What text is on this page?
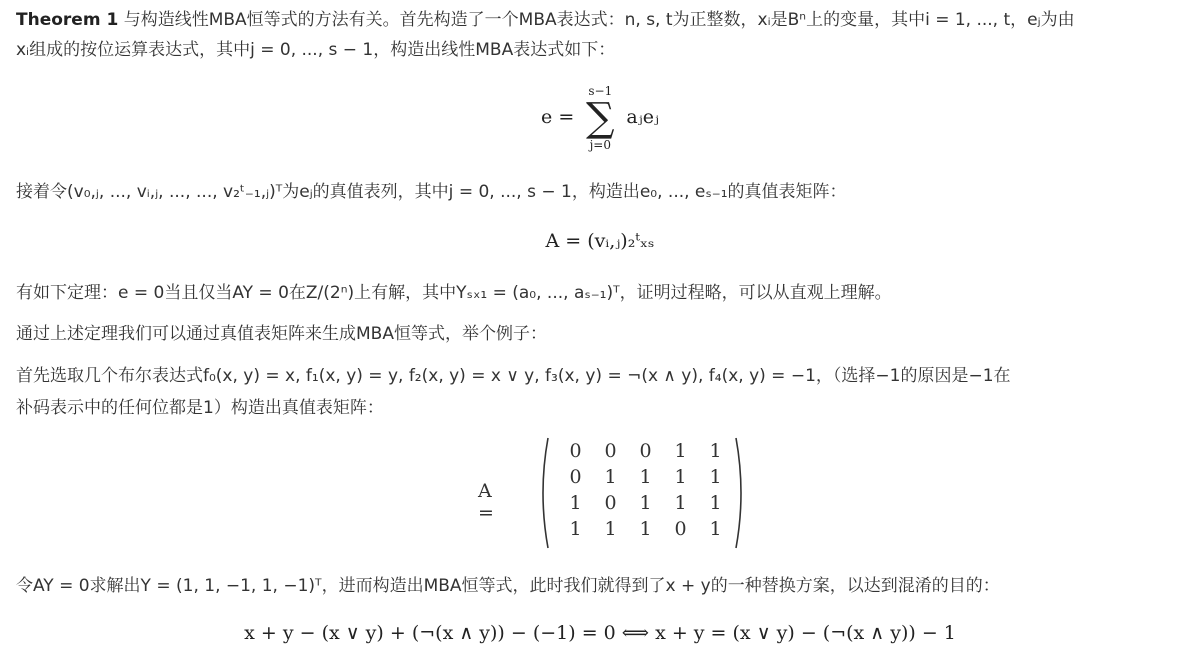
Theorem 1 与构造线性MBA恒等式的方法有关。首先构造了一个MBA表达式：n, s, t为正整数，xᵢ是Bⁿ上的变量，其中i = 1, ..., t，eⱼ为由
xᵢ组成的按位运算表达式，其中j = 0, ..., s − 1，构造出线性MBA表达式如下：
e =
s−1
∑
j=0
aⱼeⱼ
接着令(v₀,ⱼ, ..., vᵢ,ⱼ, ..., ..., v₂ᵗ₋₁,ⱼ)ᵀ为eⱼ的真值表列，其中j = 0, ..., s − 1，构造出e₀, ..., eₛ₋₁的真值表矩阵：
A = (vᵢ,ⱼ)₂ᵗₓₛ
有如下定理：e = 0当且仅当AY = 0在Z/(2ⁿ)上有解，其中Yₛₓ₁ = (a₀, ..., aₛ₋₁)ᵀ，证明过程略，可以从直观上理解。
通过上述定理我们可以通过真值表矩阵来生成MBA恒等式，举个例子：
首先选取几个布尔表达式f₀(x, y) = x, f₁(x, y) = y, f₂(x, y) = x ∨ y, f₃(x, y) = ¬(x ∧ y), f₄(x, y) = −1，（选择−1的原因是−1在
补码表示中的任何位都是1）构造出真值表矩阵：
A =
0 0 0 1 1
0 1 1 1 1
1 0 1 1 1
1 1 1 0 1
令AY = 0求解出Y = (1, 1, −1, 1, −1)ᵀ，进而构造出MBA恒等式，此时我们就得到了x + y的一种替换方案，以达到混淆的目的：
x + y − (x ∨ y) + (¬(x ∧ y)) − (−1) = 0 ⟺ x + y = (x ∨ y) − (¬(x ∧ y)) − 1
